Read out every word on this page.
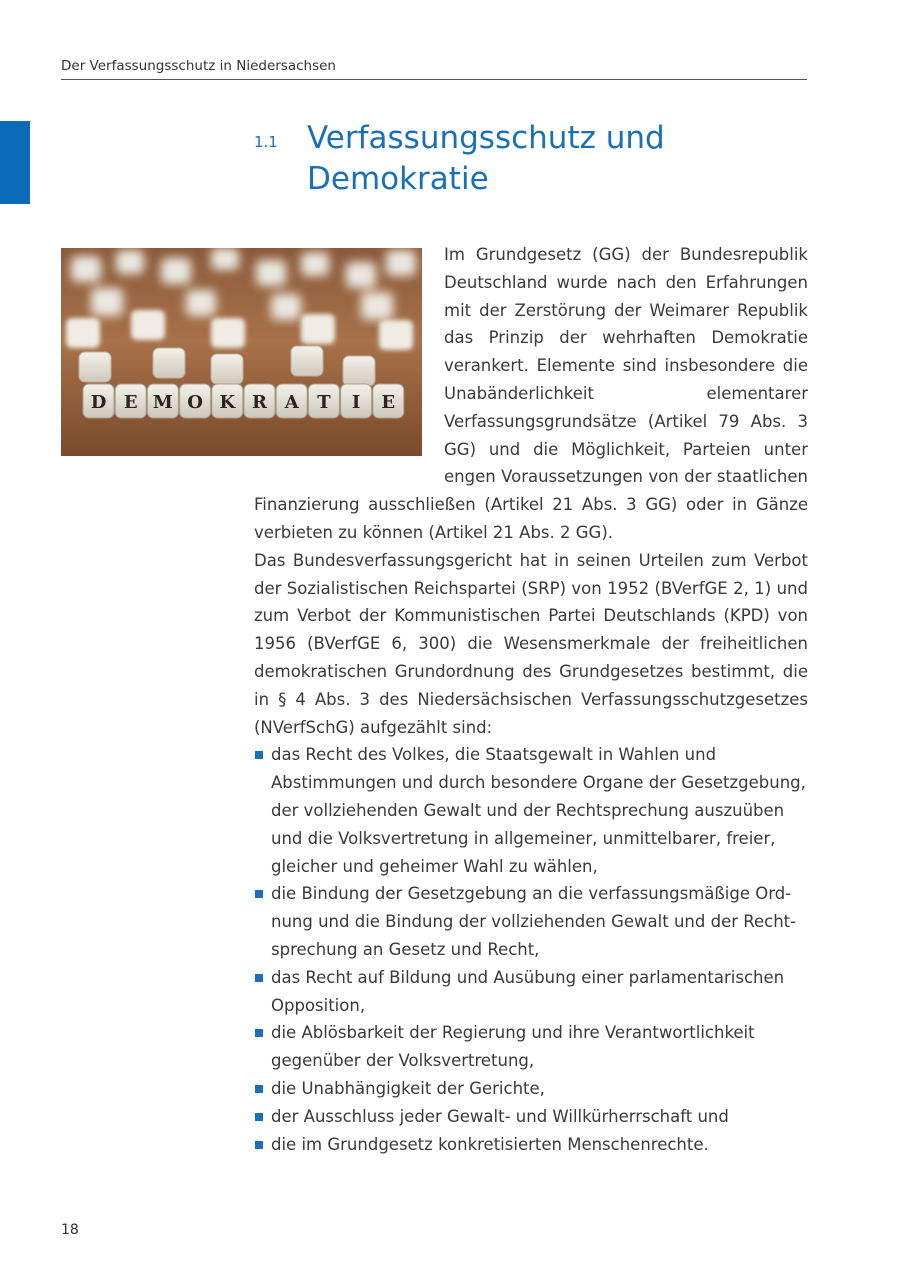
Der Verfassungsschutz in Niedersachsen
1.1 Verfassungsschutz und Demokratie
D E M O K R A T I E

Im Grundgesetz (GG) der Bundesrepublik Deutschland wurde nach den Erfahrungen mit der Zerstörung der Weimarer Republik das Prinzip der wehrhaften Demokratie verankert. Elemente sind insbesondere die Unabänderlichkeit elementarer Verfassungsgrundsätze (Artikel 79 Abs. 3 GG) und die Möglichkeit, Parteien unter engen Voraussetzungen von der staatlichen Finanzierung ausschließen (Artikel 21 Abs. 3 GG) oder in Gänze verbieten zu können (Artikel 21 Abs. 2 GG).

Das Bundesverfassungsgericht hat in seinen Urteilen zum Verbot der Sozialistischen Reichspartei (SRP) von 1952 (BVerfGE 2, 1) und zum Verbot der Kommunistischen Partei Deutschlands (KPD) von 1956 (BVerfGE 6, 300) die Wesensmerkmale der freiheitlichen demokratischen Grundordnung des Grundgesetzes bestimmt, die in § 4 Abs. 3 des Niedersächsischen Verfassungsschutzgesetzes (NVerfSchG) aufgezählt sind:

das Recht des Volkes, die Staatsgewalt in Wahlen und Abstimmungen und durch besondere Organe der Gesetzgebung, der vollziehenden Gewalt und der Rechtsprechung auszuüben und die Volksvertretung in allgemeiner, unmittelbarer, freier, gleicher und geheimer Wahl zu wählen,
die Bindung der Gesetzgebung an die verfassungsmäßige Ordnung und die Bindung der vollziehenden Gewalt und der Rechtsprechung an Gesetz und Recht,
das Recht auf Bildung und Ausübung einer parlamentarischen Opposition,
die Ablösbarkeit der Regierung und ihre Verantwortlichkeit gegenüber der Volksvertretung,
die Unabhängigkeit der Gerichte,
der Ausschluss jeder Gewalt- und Willkürherrschaft und
die im Grundgesetz konkretisierten Menschenrechte.
18
